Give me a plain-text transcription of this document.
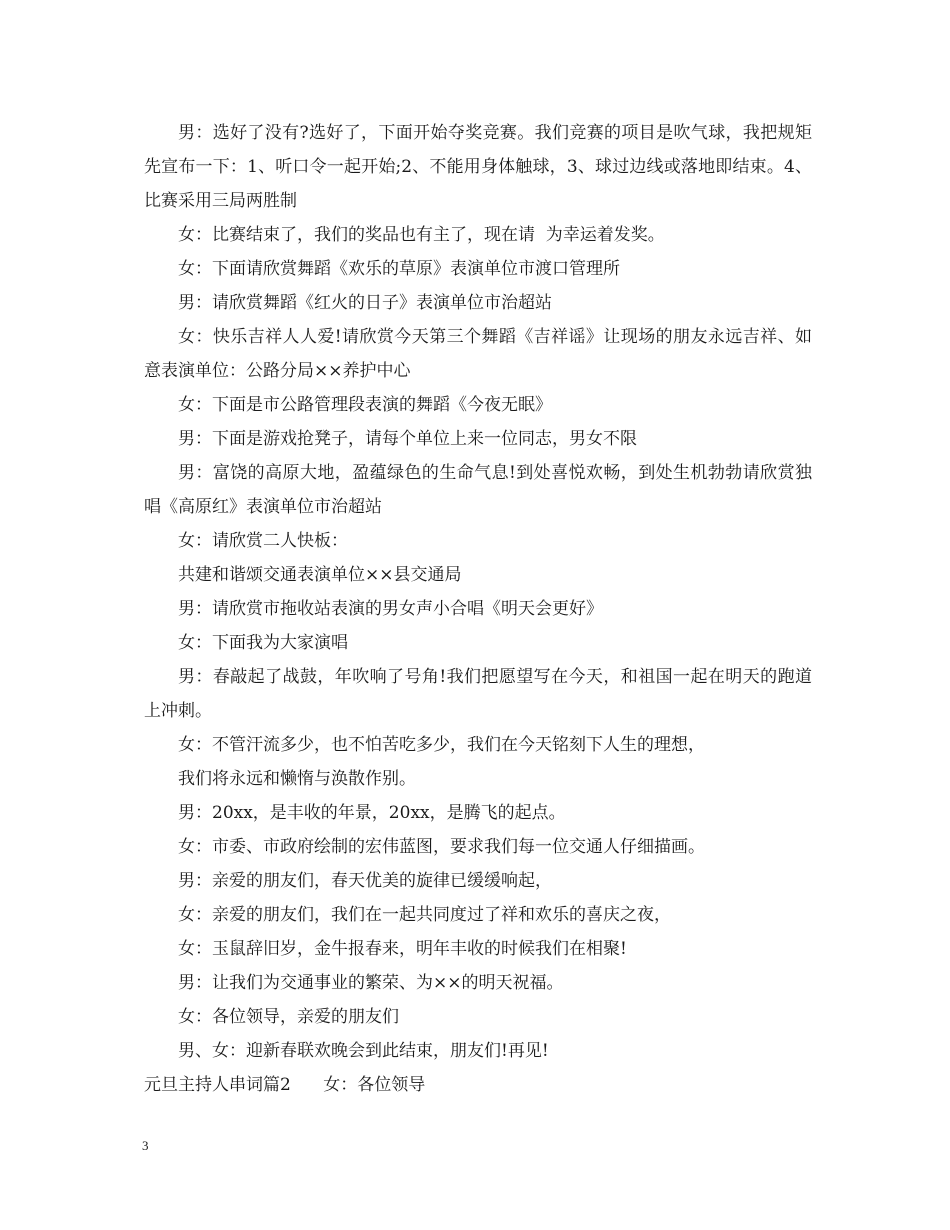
男：选好了没有?选好了，下面开始夺奖竞赛。我们竞赛的项目是吹气球，我把规矩先宣布一下：1、听口令一起开始;2、不能用身体触球，3、球过边线或落地即结束。4、比赛采用三局两胜制

女：比赛结束了，我们的奖品也有主了，现在请  为幸运着发奖。

女：下面请欣赏舞蹈《欢乐的草原》表演单位市渡口管理所

男：请欣赏舞蹈《红火的日子》表演单位市治超站

女：快乐吉祥人人爱!请欣赏今天第三个舞蹈《吉祥谣》让现场的朋友永远吉祥、如意表演单位：公路分局××养护中心

女：下面是市公路管理段表演的舞蹈《今夜无眠》

男：下面是游戏抢凳子，请每个单位上来一位同志，男女不限

男：富饶的高原大地，盈蕴绿色的生命气息!到处喜悦欢畅，到处生机勃勃请欣赏独唱《高原红》表演单位市治超站

女：请欣赏二人快板：

共建和谐颂交通表演单位××县交通局

男：请欣赏市拖收站表演的男女声小合唱《明天会更好》

女：下面我为大家演唱

男：春敲起了战鼓，年吹响了号角!我们把愿望写在今天，和祖国一起在明天的跑道上冲刺。

女：不管汗流多少，也不怕苦吃多少，我们在今天铭刻下人生的理想，

我们将永远和懒惰与涣散作别。

男：20xx，是丰收的年景，20xx，是腾飞的起点。

女：市委、市政府绘制的宏伟蓝图，要求我们每一位交通人仔细描画。

男：亲爱的朋友们，春天优美的旋律已缓缓响起，

女：亲爱的朋友们，我们在一起共同度过了祥和欢乐的喜庆之夜，

女：玉鼠辞旧岁，金牛报春来，明年丰收的时候我们在相聚!

男：让我们为交通事业的繁荣、为××的明天祝福。

女：各位领导，亲爱的朋友们

男、女：迎新春联欢晚会到此结束，朋友们!再见!

元旦主持人串词篇2      女：各位领导

3
